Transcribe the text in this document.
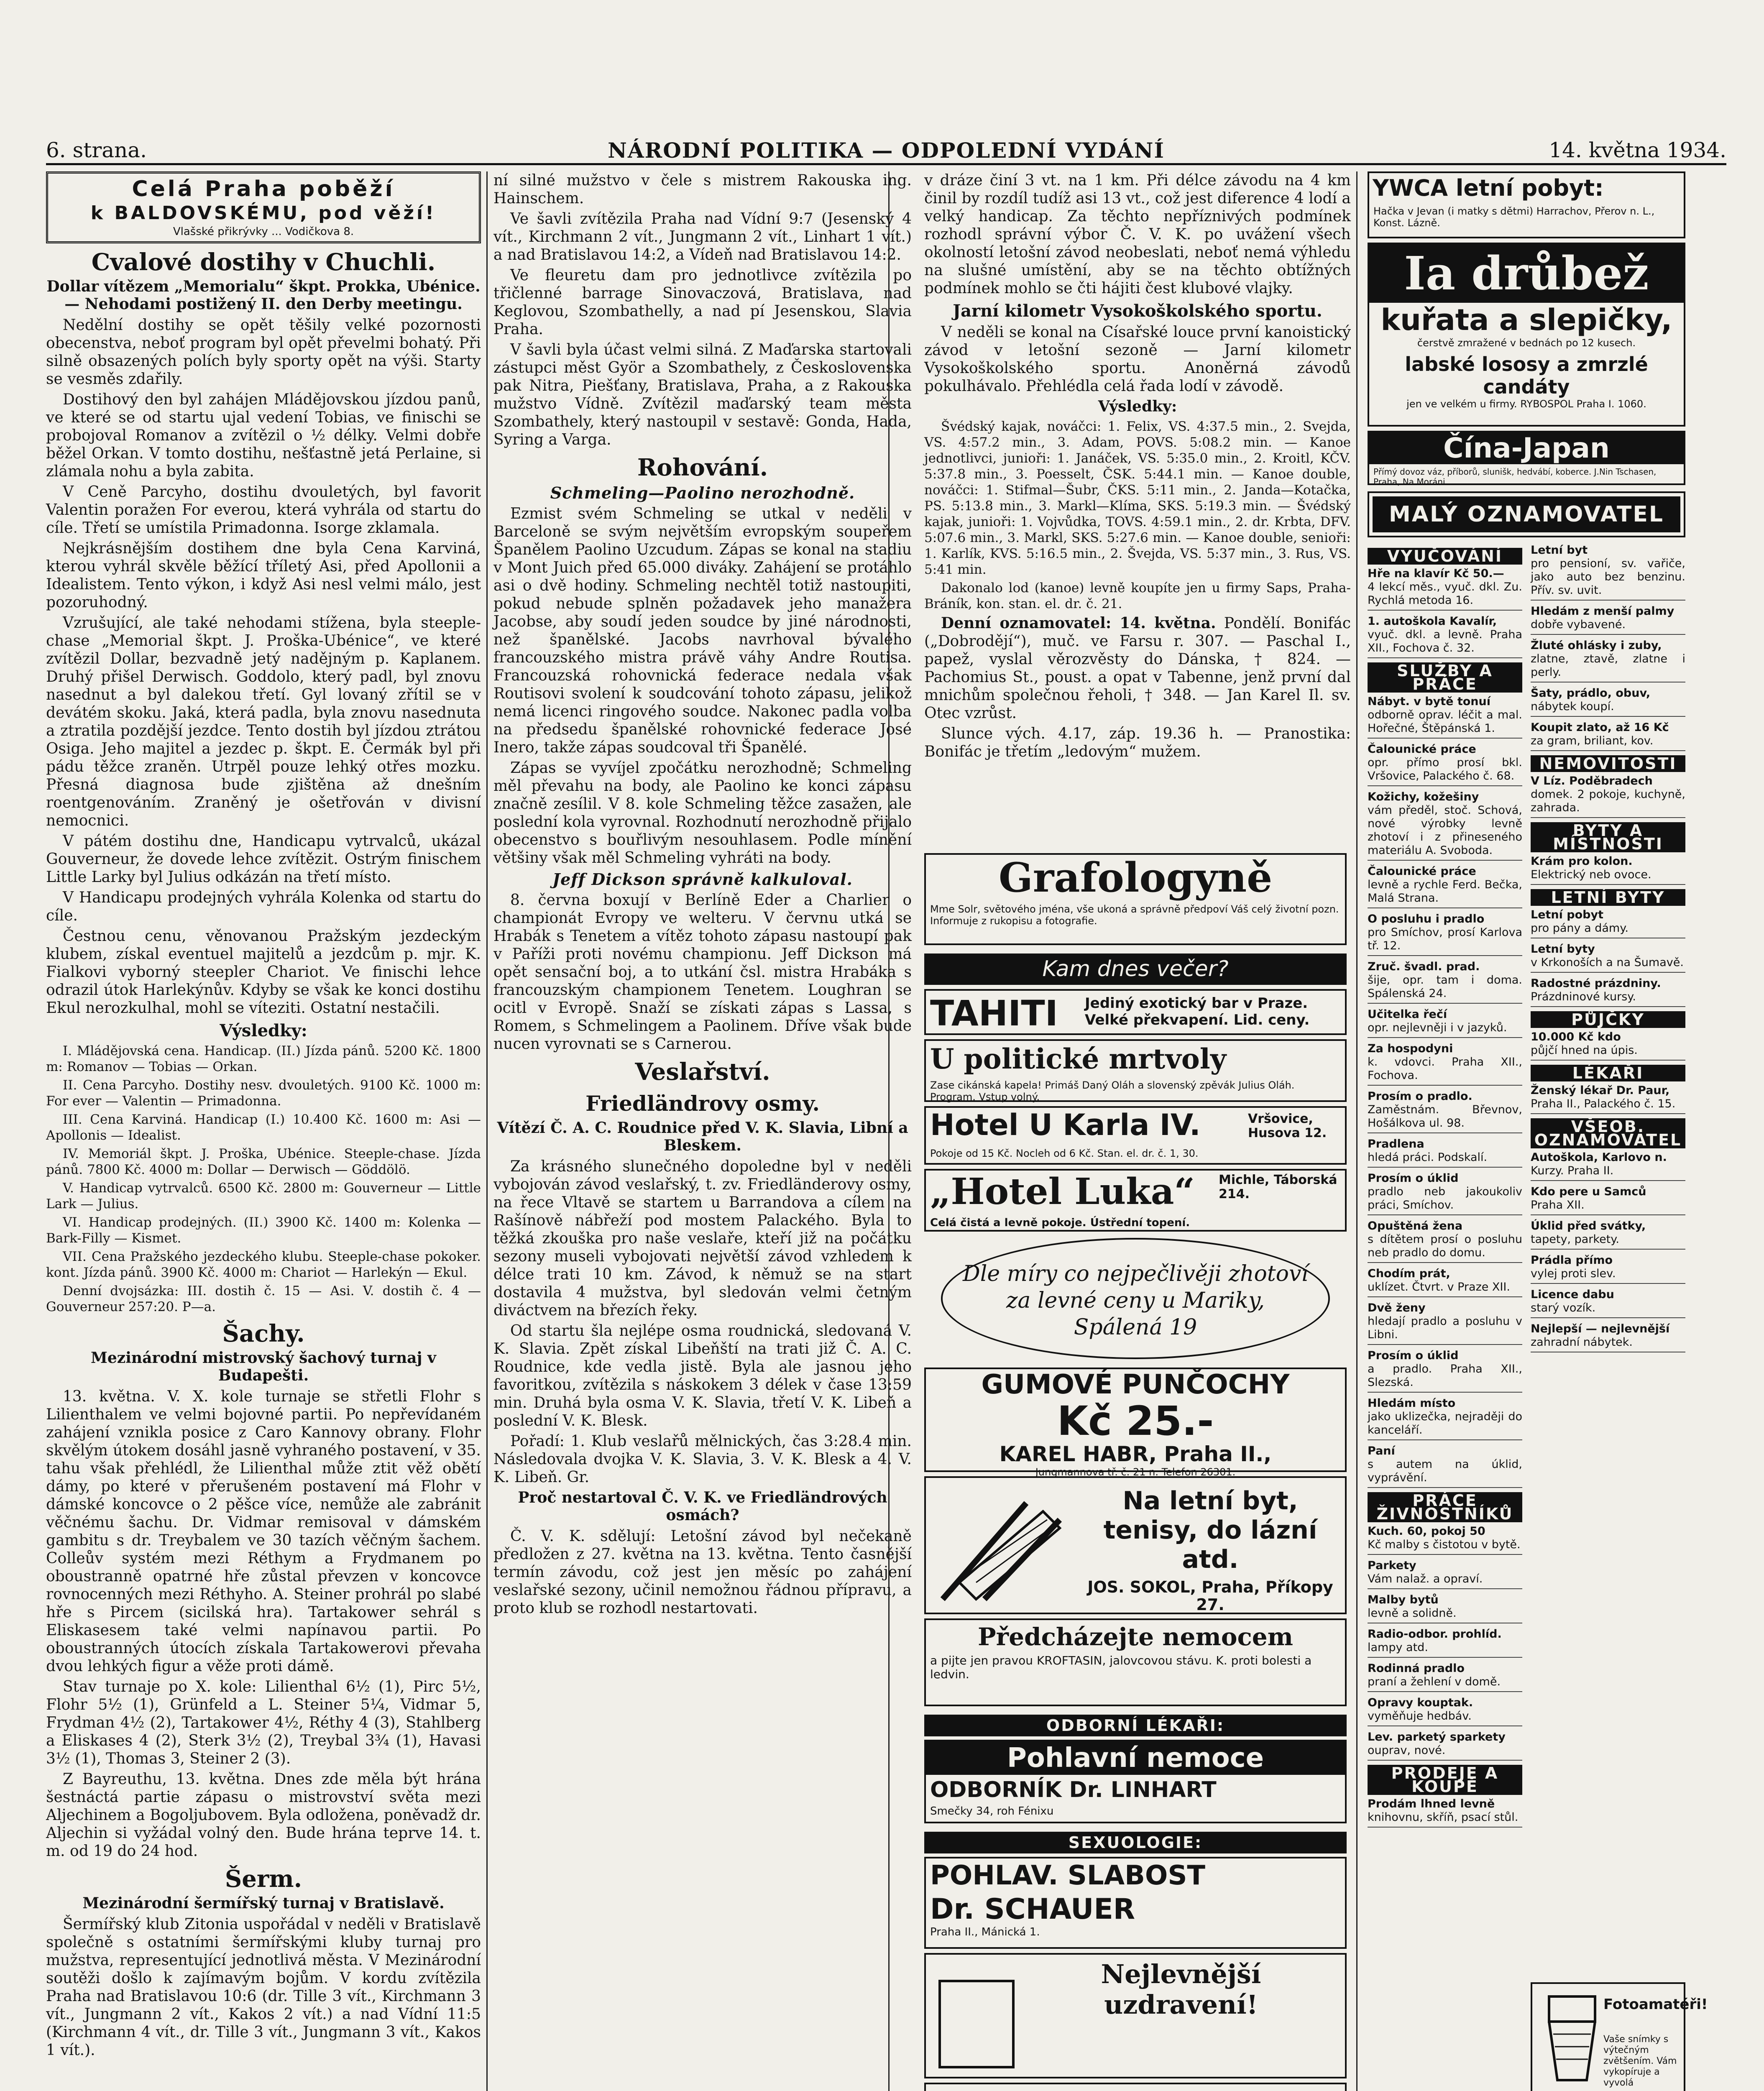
6. strana.	NÁRODNÍ POLITIKA — ODPOLEDNÍ VYDÁNÍ	14. května 1934.
Celá Praha poběží
k BALDOVSKÉMU, pod věží!
Vlašské přikrývky ... Vodičkova 8.
Cvalové dostihy v Chuchli.
Dollar vítězem „Memorialu“ škpt. Prokka, Ubénice. — Nehodami postižený II. den Derby meetingu.

Nedělní dostihy se opět těšily velké pozornosti obecenstva, neboť program byl opět převelmi bohatý. Při silně obsazených polích byly sporty opět na výši. Starty se vesměs zdařily.

Dostihový den byl zahájen Mládějovskou jízdou panů, ve které se od startu ujal vedení Tobias, ve finischi se probojoval Romanov a zvítězil o ½ délky. Velmi dobře běžel Orkan. V tomto dostihu, nešťastně jetá Perlaine, si zlámala nohu a byla zabita.

V Ceně Parcyho, dostihu dvouletých, byl favorit Valentin poražen For everou, která vyhrála od startu do cíle. Třetí se umístila Primadonna. Isorge zklamala.

Nejkrásnějším dostihem dne byla Cena Karviná, kterou vyhrál skvěle běžící tříletý Asi, před Apollonii a Idealistem. Tento výkon, i když Asi nesl velmi málo, jest pozoruhodný.

Vzrušující, ale také nehodami stížena, byla steeple-chase „Memorial škpt. J. Proška-Ubénice“, ve které zvítězil Dollar, bezvadně jetý nadějným p. Kaplanem. Druhý přišel Derwisch. Goddolo, který padl, byl znovu nasednut a byl dalekou třetí. Gyl lovaný zřítil se v devátém skoku. Jaká, která padla, byla znovu nasednuta a ztratila pozdější jezdce. Tento dostih byl jízdou ztrátou Osiga. Jeho majitel a jezdec p. škpt. E. Čermák byl při pádu těžce zraněn. Utrpěl pouze lehký otřes mozku. Přesná diagnosa bude zjištěna až dnešním roentgenováním. Zraněný je ošetřován v divisní nemocnici.

V pátém dostihu dne, Handicapu vytrvalců, ukázal Gouverneur, že dovede lehce zvítězit. Ostrým finischem Little Larky byl Julius odkázán na třetí místo.

V Handicapu prodejných vyhrála Kolenka od startu do cíle.

Čestnou cenu, věnovanou Pražským jezdeckým klubem, získal eventuel majitelů a jezdcům p. mjr. K. Fialkovi vyborný steepler Chariot. Ve finischi lehce odrazil útok Harlekýnův. Kdyby se však ke konci dostihu Ekul nerozkulhal, mohl se víteziti. Ostatní nestačili.

Výsledky:

I. Mládějovská cena. Handicap. (II.) Jízda pánů. 5200 Kč. 1800 m: Romanov — Tobias — Orkan.

II. Cena Parcyho. Dostihy nesv. dvouletých. 9100 Kč. 1000 m: For ever — Valentin — Primadonna.

III. Cena Karviná. Handicap (I.) 10.400 Kč. 1600 m: Asi — Apollonis — Idealist.

IV. Memoriál škpt. J. Proška, Ubénice. Steeple-chase. Jízda pánů. 7800 Kč. 4000 m: Dollar — Derwisch — Göddölö.

V. Handicap vytrvalců. 6500 Kč. 2800 m: Gouverneur — Little Lark — Julius.

VI. Handicap prodejných. (II.) 3900 Kč. 1400 m: Kolenka — Bark-Filly — Kismet.

VII. Cena Pražského jezdeckého klubu. Steeple-chase pokoker. kont. Jízda pánů. 3900 Kč. 4000 m: Chariot — Harlekýn — Ekul.

Denní dvojsázka: III. dostih č. 15 — Asi. V. dostih č. 4 — Gouverneur 257:20. P—a.

Šachy.
Mezinárodní mistrovský šachový turnaj v Budapešti.

13. května. V. X. kole turnaje se střetli Flohr s Lilienthalem ve velmi bojovné partii. Po nepřevídaném zahájení vznikla posice z Caro Kannovy obrany. Flohr skvělým útokem dosáhl jasně vyhraného postavení, v 35. tahu však přehlédl, že Lilienthal může ztit věž obětí dámy, po které v přerušeném postavení má Flohr v dámské koncovce o 2 pěšce více, nemůže ale zabránit věčnému šachu. Dr. Vidmar remisoval v dámském gambitu s dr. Treybalem ve 30 tazích věčným šachem. Colleův systém mezi Réthym a Frydmanem po oboustranně opatrné hře zůstal převzen v koncovce rovnocenných mezi Réthyho. A. Steiner prohrál po slabé hře s Pircem (sicilská hra). Tartakower sehrál s Eliskasesem také velmi napínavou partii. Po oboustranných útocích získala Tartakowerovi převaha dvou lehkých figur a věže proti dámě.

Stav turnaje po X. kole: Lilienthal 6½ (1), Pirc 5½, Flohr 5½ (1), Grünfeld a L. Steiner 5¼, Vidmar 5, Frydman 4½ (2), Tartakower 4½, Réthy 4 (3), Stahlberg a Eliskases 4 (2), Sterk 3½ (2), Treybal 3¾ (1), Havasi 3½ (1), Thomas 3, Steiner 2 (3).

Z Bayreuthu, 13. května. Dnes zde měla být hrána šestnáctá partie zápasu o mistrovství světa mezi Aljechinem a Bogoljubovem. Byla odložena, poněvadž dr. Aljechin si vyžádal volný den. Bude hrána teprve 14. t. m. od 19 do 24 hod.

Šerm.
Mezinárodní šermířský turnaj v Bratislavě.

Šermířský klub Zitonia uspořádal v neděli v Bratislavě společně s ostatními šermířskými kluby turnaj pro mužstva, representující jednotlivá města. V Mezinárodní soutěži došlo k zajímavým bojům. V kordu zvítězila Praha nad Bratislavou 10:6 (dr. Tille 3 vít., Kirchmann 3 vít., Jungmann 2 vít., Kakos 2 vít.) a nad Vídní 11:5 (Kirchmann 4 vít., dr. Tille 3 vít., Jungmann 3 vít., Kakos 1 vít.).

ní silné mužstvo v čele s mistrem Rakouska ing. Hainschem.

Ve šavli zvítězila Praha nad Vídní 9:7 (Jesenský 4 vít., Kirchmann 2 vít., Jungmann 2 vít., Linhart 1 vít.) a nad Bratislavou 14:2, a Vídeň nad Bratislavou 14:2.

Ve fleuretu dam pro jednotlivce zvítězila po třičlenné barrage Sinovaczová, Bratislava, nad Keglovou, Szombathelly, a nad pí Jesenskou, Slavia Praha.

V šavli byla účast velmi silná. Z Maďarska startovali zástupci měst Györ a Szombathely, z Československa pak Nitra, Piešťany, Bratislava, Praha, a z Rakouska mužstvo Vídně. Zvítězil maďarský team města Szombathely, který nastoupil v sestavě: Gonda, Hada, Syring a Varga.

Rohování.
Schmeling—Paolino nerozhodně.

Ezmist svém Schmeling se utkal v neděli v Barceloně se svým největším evropským soupeřem Španělem Paolino Uzcudum. Zápas se konal na stadiu v Mont Juich před 65.000 diváky. Zahájení se protáhlo asi o dvě hodiny. Schmeling nechtěl totiž nastoupiti, pokud nebude splněn požadavek jeho manažera Jacobse, aby soudí jeden soudce by jiné národnosti, než španělské. Jacobs navrhoval bývalého francouzského mistra právě váhy Andre Routisa. Francouzská rohovnická federace nedala však Routisovi svolení k soudcování tohoto zápasu, jelikož nemá licenci ringového soudce. Nakonec padla volba na předsedu španělské rohovnické federace José Inero, takže zápas soudcoval tři Španělé.

Zápas se vyvíjel zpočátku nerozhodně; Schmeling měl převahu na body, ale Paolino ke konci zápasu značně zesílil. V 8. kole Schmeling těžce zasažen, ale poslední kola vyrovnal. Rozhodnutí nerozhodně přijalo obecenstvo s bouřlivým nesouhlasem. Podle mínění většiny však měl Schmeling vyhráti na body.

Jeff Dickson správně kalkuloval.

8. června boxují v Berlíně Eder a Charlier o championát Evropy ve welteru. V červnu utká se Hrabák s Tenetem a vítěz tohoto zápasu nastoupí pak v Paříži proti novému championu. Jeff Dickson má opět sensační boj, a to utkání čsl. mistra Hrabáka s francouzským championem Tenetem. Loughran se ocitl v Evropě. Snaží se získati zápas s Lassa, s Romem, s Schmelingem a Paolinem. Dříve však bude nucen vyrovnati se s Carnerou.

Veslařství.
Friedländrovy osmy.
Vítězí Č. A. C. Roudnice před V. K. Slavia, Libní a Bleskem.

Za krásného slunečného dopoledne byl v neděli vybojován závod veslařský, t. zv. Friedländerovy osmy, na řece Vltavě se startem u Barrandova a cílem na Rašínově nábřeží pod mostem Palackého. Byla to těžká zkouška pro naše veslaře, kteří již na počátku sezony museli vybojovati největší závod vzhledem k délce trati 10 km. Závod, k němuž se na start dostavila 4 mužstva, byl sledován velmi četným diváctvem na březích řeky.

Od startu šla nejlépe osma roudnická, sledovaná V. K. Slavia. Zpět získal Libeňští na trati již Č. A. C. Roudnice, kde vedla jistě. Byla ale jasnou jeho favoritkou, zvítězila s náskokem 3 délek v čase 13:59 min. Druhá byla osma V. K. Slavia, třetí V. K. Libeň a poslední V. K. Blesk.

Pořadí: 1. Klub veslařů mělnických, čas 3:28.4 min. Následovala dvojka V. K. Slavia, 3. V. K. Blesk a 4. V. K. Libeň. Gr.

Proč nestartoval Č. V. K. ve Friedländrových osmách?

Č. V. K. sdělují: Letošní závod byl nečekaně předložen z 27. května na 13. května. Tento časnější termín závodu, což jest jen měsíc po zahájení veslařské sezony, učinil nemožnou řádnou přípravu, a proto klub se rozhodl nestartovati.

v dráze činí 3 vt. na 1 km. Při délce závodu na 4 km činil by rozdíl tudíž asi 13 vt., což jest diference 4 lodí a velký handicap. Za těchto nepříznivých podmínek rozhodl správní výbor Č. V. K. po uvážení všech okolností letošní závod neobeslati, neboť nemá výhledu na slušné umístění, aby se na těchto obtížných podmínek mohlo se čti hájiti čest klubové vlajky.

Jarní kilometr Vysokoškolského sportu.

V neděli se konal na Císařské louce první kanoistický závod v letošní sezoně — Jarní kilometr Vysokoškolského sportu. Anoněrná závodů pokulhávalo. Přehlédla celá řada lodí v závodě.

Výsledky:

Švédský kajak, nováčci: 1. Felix, VS. 4:37.5 min., 2. Svejda, VS. 4:57.2 min., 3. Adam, POVS. 5:08.2 min. — Kanoe jednotlivci, junioři: 1. Janáček, VS. 5:35.0 min., 2. Kroitl, KČV. 5:37.8 min., 3. Poesselt, ČSK. 5:44.1 min. — Kanoe double, nováčci: 1. Stifmal—Šubr, ČKS. 5:11 min., 2. Janda—Kotačka, PS. 5:13.8 min., 3. Markl—Klíma, SKS. 5:19.3 min. — Švédský kajak, junioři: 1. Vojvůdka, TOVS. 4:59.1 min., 2. dr. Krbta, DFV. 5:07.6 min., 3. Markl, SKS. 5:27.6 min. — Kanoe double, senioři: 1. Karlík, KVS. 5:16.5 min., 2. Švejda, VS. 5:37 min., 3. Rus, VS. 5:41 min.

Dakonalo lod (kanoe) levně koupíte jen u firmy Saps, Praha-Bráník, kon. stan. el. dr. č. 21.

Denní oznamovatel: 14. května. Pondělí. Bonifác („Dobrodějí“), muč. ve Farsu r. 307. — Paschal I., papež, vyslal věrozvěsty do Dánska, † 824. — Pachomius St., poust. a opat v Tabenne, jenž první dal mnichům společnou řeholi, † 348. — Jan Karel Il. sv. Otec vzrůst.

Slunce vých. 4.17, záp. 19.36 h. — Pranostika: Bonifác je třetím „ledovým“ mužem.

Grafologyně
Mme Solr, světového jména, vše ukoná a správně předpoví Váš celý životní pozn. Informuje z rukopisu a fotografie.
Kam dnes večer?
TAHITI Jediný exotický bar v Praze. Velké překvapení. Lid. ceny.
U politické mrtvoly
Zase cikánská kapela! Primáš Daný Oláh a slovenský zpěvák Julius Oláh. Program. Vstup volný.
Hotel U Karla IV.	Vršovice, Husova 12.
Pokoje od 15 Kč. Nocleh od 6 Kč. Stan. el. dr. č. 1, 30.
„Hotel Luka“ Michle, Táborská 214.
Celá čistá a levně pokoje. Ústřední topení.
Dle míry co nejpečlivěji zhotoví za levné ceny u Mariky, Spálená 19
GUMOVÉ PUNČOCHY
Kč 25.-
KAREL HABR, Praha II.,
Jungmannova tř. č. 21 n. Telefon 26301.
Na letní byt, tenisy, do lázní atd.
JOS. SOKOL, Praha, Příkopy 27.
Předcházejte nemocem
a pijte jen pravou KROFTASIN, jalovcovou stávu. K. proti bolesti a ledvin.
ODBORNÍ LÉKAŘI:
Pohlavní nemoce
ODBORNÍK Dr. LINHART
Smečky 34, roh Fénixu
SEXUOLOGIE:
POHLAV. SLABOST
Dr. SCHAUER
Praha II., Mánická 1.
Nejlevnější uzdravení!
YWCA letní pobyt:
Hačka v Jevan (i matky s dětmi) Harrachov, Přerov n. L., Konst. Lázně.
Ia drůbež
kuřata a slepičky,
čerstvě zmražené v bednách po 12 kusech.
labské lososy a zmrzlé candáty
jen ve velkém u firmy. RYBOSPOL Praha I. 1060.
Čína-Japan
Přímý dovoz váz, příborů, slunišk, hedvábí, koberce. J.Nin Tschasen, Praha, Na Moráni.
MALÝ OZNAMOVATEL
VYUČOVÁNÍ
Hře na klavír Kč 50.—
4 lekcí měs., vyuč. dkl. Zu. Rychlá metoda 16.
1. autoškola Kavalír,
vyuč. dkl. a levně. Praha XII., Fochova č. 32.
SLUŽBY A PRÁCE
Nábyt. v bytě tonuí
odborně oprav. léčit a mal. Hořečné, Štěpánská 1.
Čalounické práce
opr. přímo prosí bkl. Vršovice, Palackého č. 68.
Kožichy, kožešiny
vám předěl, stoč. Schová, nové výrobky levně zhotoví i z přineseného materiálu A. Svoboda.
Čalounické práce
levně a rychle Ferd. Bečka, Malá Strana.
O posluhu i pradlo
pro Smíchov, prosí Karlova tř. 12.
Zruč. švadl. prad.
šije, opr. tam i doma. Spálenská 24.
Učitelka řečí
opr. nejlevněji i v jazyků.
Za hospodyni
k. vdovci. Praha XII., Fochova.
Prosím o pradlo.
Zaměstnám. Břevnov, Hošálkova ul. 98.
Pradlena
hledá práci. Podskalí.
Prosím o úklid
pradlo neb jakoukoliv práci, Smíchov.
Opuštěná žena
s dítětem prosí o posluhu neb pradlo do domu.
Chodím prát,
uklízet. Čtvrt. v Praze XII.
Dvě ženy
hledají pradlo a posluhu v Libni.
Prosím o úklid
a pradlo. Praha XII., Slezská.
Hledám místo
jako uklizečka, nejraději do kanceláří.
Paní
s autem na úklid, vyprávění.
PRÁCE ŽIVNOSTNÍKŮ
Kuch. 60, pokoj 50
Kč malby s čistotou v bytě.
Parkety
Vám nalaž. a opraví.
Malby bytů
levně a solidně.
Radio-odbor. prohlíd.
lampy atd.
Rodinná pradlo
praní a žehlení v domě.
Opravy kouptak.
vyměňuje hedbáv.
Lev. parketý sparkety
ouprav, nové.
PRODEJE A KOUPĚ
Prodám lhned levně
knihovnu, skříň, psací stůl.
Letní byt
pro pensioní, sv. vařiče, jako auto bez benzinu. Přív. sv. uvit.
Hledám z menší palmy
dobře vybavené.
Žluté ohlásky i zuby,
zlatne, ztavě, zlatne i perly.
Šaty, prádlo, obuv,
nábytek koupí.
Koupit zlato, až 16 Kč
za gram, briliant, kov.
NEMOVITOSTI
V Líz. Poděbradech
domek. 2 pokoje, kuchyně, zahrada.
BYTY A MÍSTNOSTI
Krám pro kolon.
Elektrický neb ovoce.
LETNÍ BYTY
Letní pobyt
pro pány a dámy.
Letní byty
v Krkonoších a na Šumavě.
Radostné prázdniny.
Prázdninové kursy.
PŮJČKY
10.000 Kč kdo
půjčí hned na úpis.
LÉKAŘI
Ženský lékař Dr. Paur,
Praha II., Palackého č. 15.
VŠEOB. OZNAMOVATEL
Autoškola, Karlovo n.
Kurzy. Praha II.
Kdo pere u Samců
Praha XII.
Úklid před svátky,
tapety, parkety.
Prádla přímo
vylej proti slev.
Licence dabu
starý vozík.
Nejlepší — nejlevnější
zahradní nábytek.
Fotoamatéři!
Vaše snímky s výtečným zvětšením. Vám vykopíruje a vyvolá
